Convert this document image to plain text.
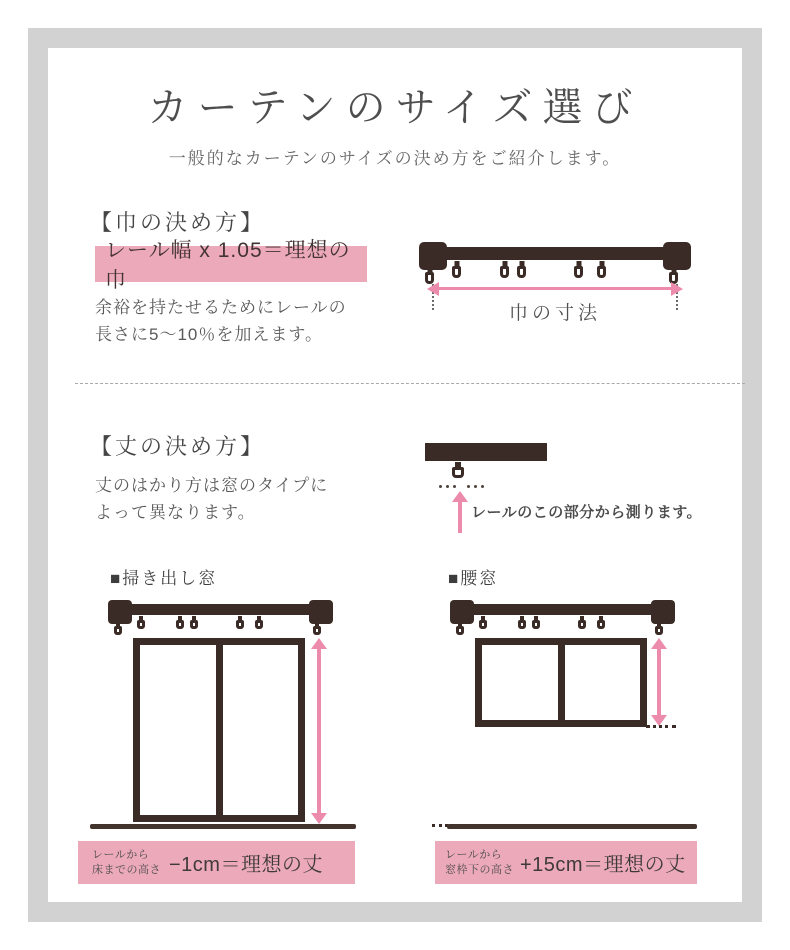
カーテンのサイズ選び
一般的なカーテンのサイズの決め方をご紹介します。
【巾の決め方】
レール幅 x 1.05＝理想の巾
余裕を持たせるためにレールの
長さに5～10％を加えます。
巾の寸法
【丈の決め方】
丈のはかり方は窓のタイプに
よって異なります。	レールのこの部分から測ります。
■掃き出し窓	■腰窓
レールから
床までの高さ −1cm＝理想の丈	レールから
窓枠下の高さ +15cm＝理想の丈
